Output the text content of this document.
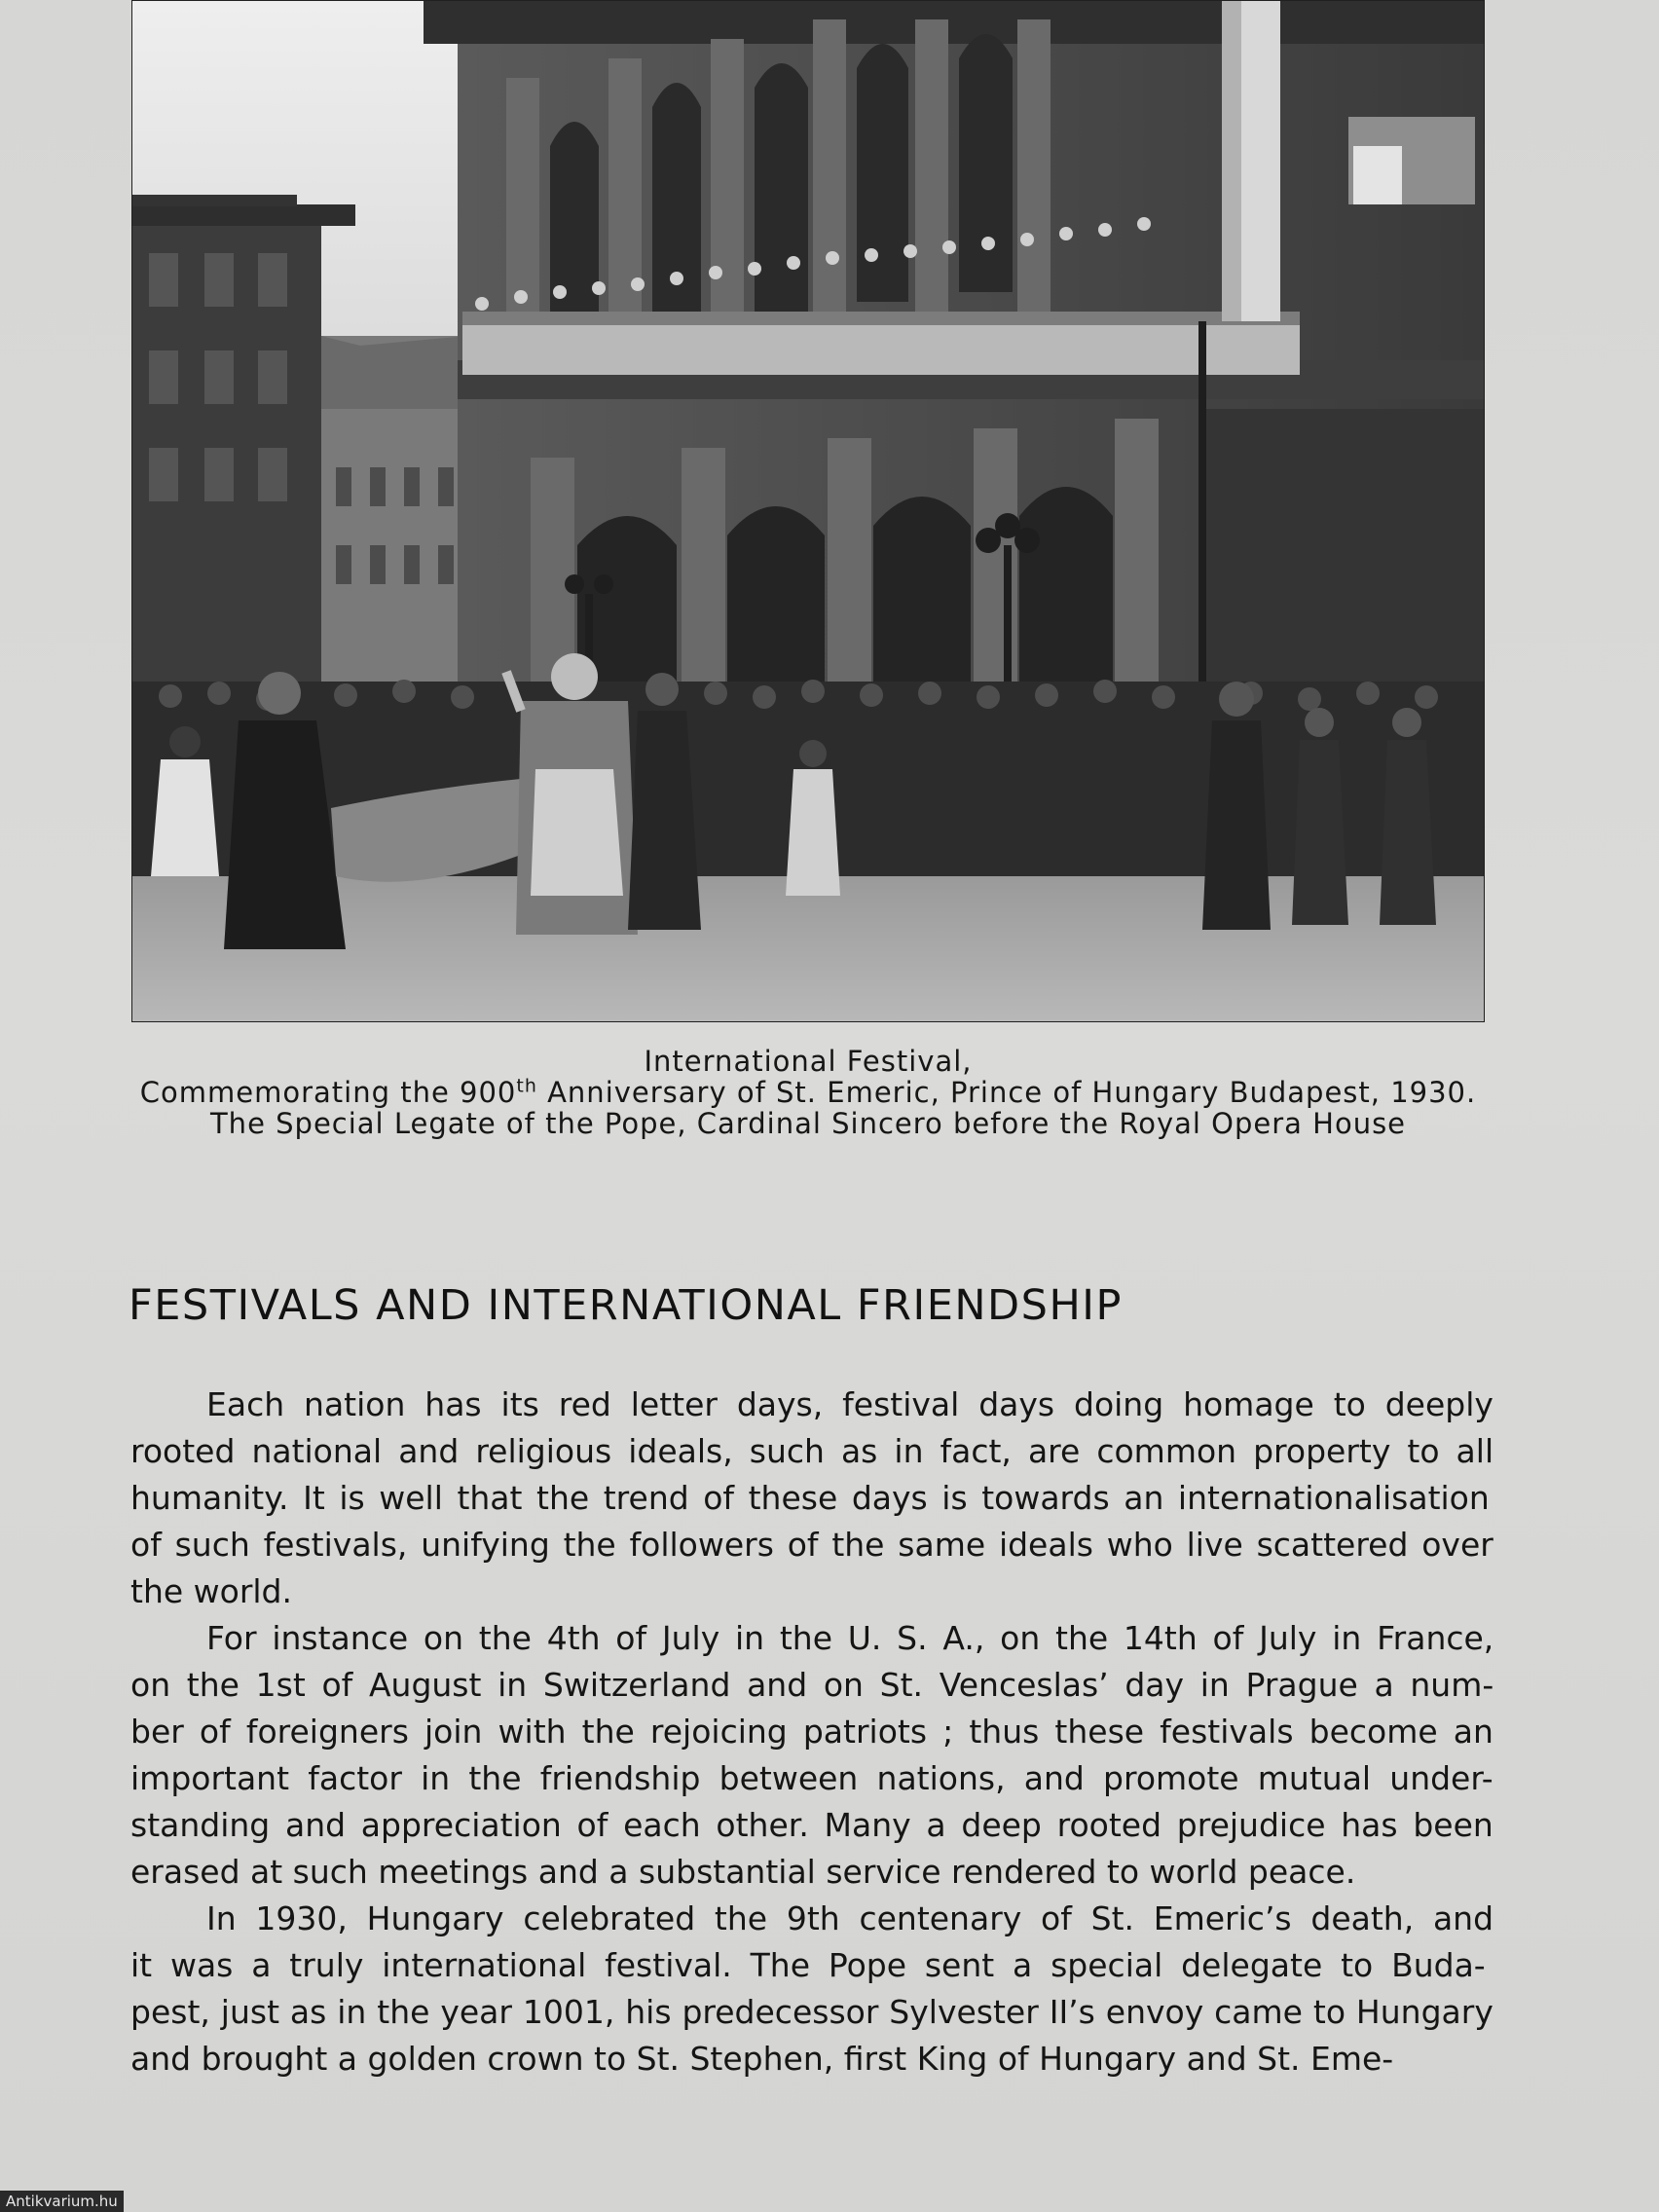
International Festival,
Commemorating the 900th Anniversary of St. Emeric, Prince of Hungary Budapest, 1930.
The Special Legate of the Pope, Cardinal Sincero before the Royal Opera House
FESTIVALS AND INTERNATIONAL FRIENDSHIP

Each nation has its red letter days, festival days doing homage to deeply
rooted national and religious ideals, such as in fact, are common property to all
humanity. It is well that the trend of these days is towards an internationalisation
of such festivals, unifying the followers of the same ideals who live scattered over
the world.

For instance on the 4th of July in the U. S. A., on the 14th of July in France,
on the 1st of August in Switzerland and on St. Venceslas’ day in Prague a num-
ber of foreigners join with the rejoicing patriots ; thus these festivals become an
important factor in the friendship between nations, and promote mutual under-
standing and appreciation of each other. Many a deep rooted prejudice has been
erased at such meetings and a substantial service rendered to world peace.

In 1930, Hungary celebrated the 9th centenary of St. Emeric’s death, and
it was a truly international festival. The Pope sent a special delegate to Buda-
pest, just as in the year 1001, his predecessor Sylvester II’s envoy came to Hungary
and brought a golden crown to St. Stephen, first King of Hungary and St. Eme-

Antikvarium.hu
